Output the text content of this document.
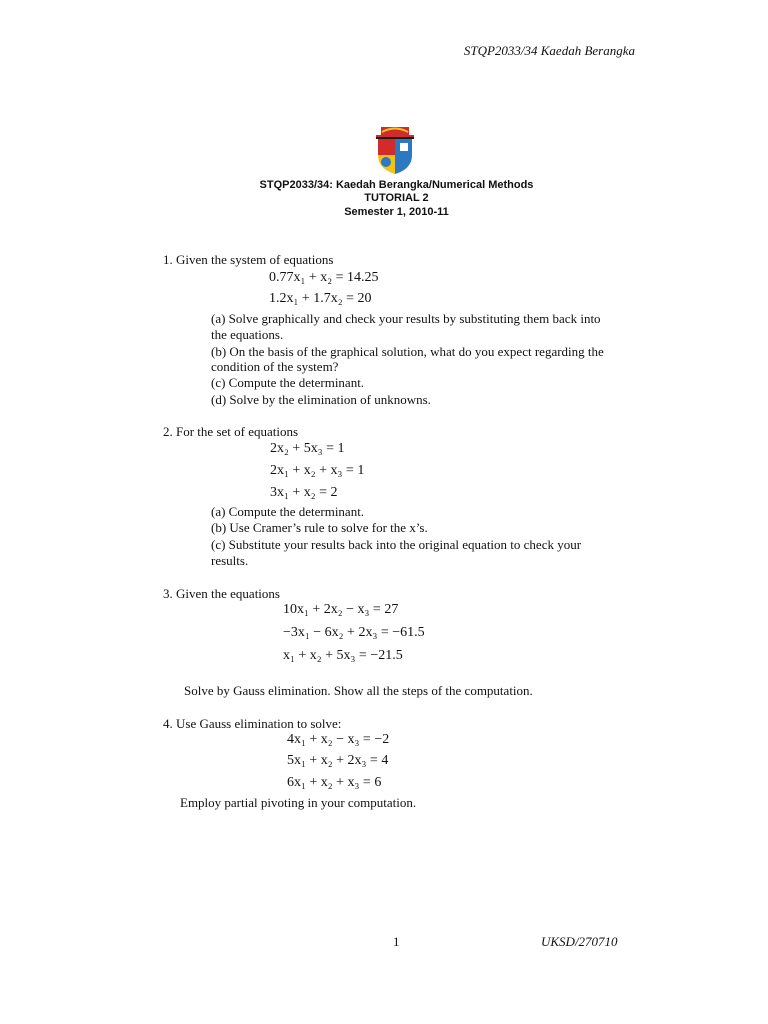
STQP2033/34 Kaedah Berangka
STQP2033/34: Kaedah Berangka/Numerical Methods
TUTORIAL 2
Semester 1, 2010-11
1. Given the system of equations
0.77x₁ + x₂ = 14.25
1.2x₁ + 1.7x₂ = 20
(a) Solve graphically and check your results by substituting them back into
the equations.
(b) On the basis of the graphical solution, what do you expect regarding the
condition of the system?
(c) Compute the determinant.
(d) Solve by the elimination of unknowns.
2. For the set of equations
2x₂ + 5x₃ = 1
2x₁ + x₂ + x₃ = 1
3x₁ + x₂ = 2
(a) Compute the determinant.
(b) Use Cramer’s rule to solve for the x’s.
(c) Substitute your results back into the original equation to check your
results.
3. Given the equations
10x₁ + 2x₂ − x₃ = 27
−3x₁ − 6x₂ + 2x₃ = −61.5
x₁ + x₂ + 5x₃ = −21.5
Solve by Gauss elimination. Show all the steps of the computation.
4. Use Gauss elimination to solve:
4x₁ + x₂ − x₃ = −2
5x₁ + x₂ + 2x₃ = 4
6x₁ + x₂ + x₃ = 6
Employ partial pivoting in your computation.
1	UKSD/270710
